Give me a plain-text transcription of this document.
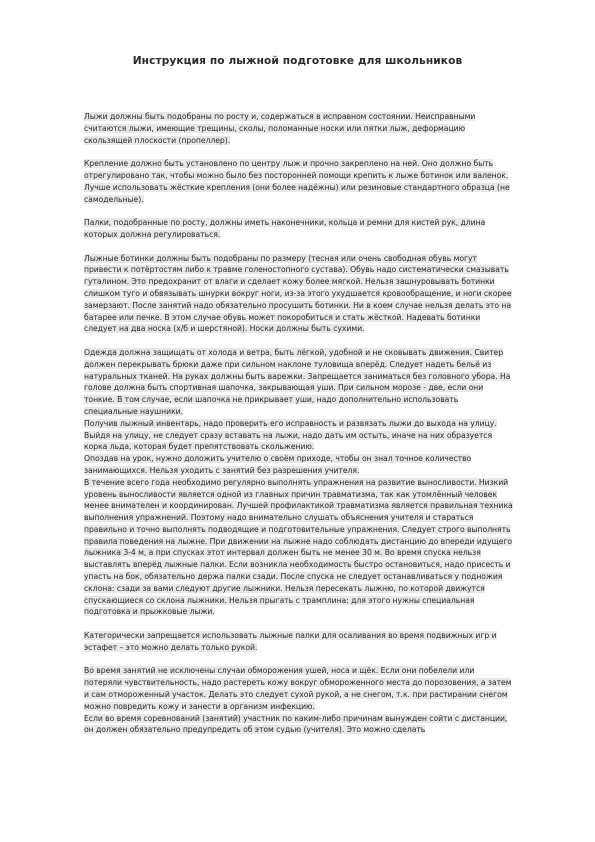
Инструкция по лыжной подготовке для школьников

Лыжи должны быть подобраны по росту и, содержаться в исправном состоянии. Неисправными считаются лыжи, имеющие трещины, сколы, поломанные носки или пятки лыж, деформацию скользящей плоскости (пропеллер).

Крепление должно быть установлено по центру лыж и прочно закреплено на ней. Оно должно быть отрегулировано так, чтобы можно было без посторонней помощи крепить к лыже ботинок или валенок. Лучше использовать жёсткие крепления (они более надёжны) или резиновые стандартного образца (не самодельные).

Палки, подобранные по росту, должны иметь наконечники, кольца и ремни для кистей рук, длина которых должна регулироваться.

Лыжные ботинки должны быть подобраны по размеру (тесная или очень свободная обувь могут привести к потёртостям либо к травме голеностопного сустава). Обувь надо систематически смазывать гуталином. Это предохранит от влаги и сделает кожу более мягкой. Нельзя зашнуровывать ботинки слишком туго и обвязывать шнурки вокруг ноги, из-за этого ухудшается кровообращение, и ноги скорее замерзают. После занятий надо обязательно просушить ботинки. Ни в коем случае нельзя делать это на батарее или печке. В этом случае обувь может покоробиться и стать жёсткой. Надевать ботинки следует на два носка (х/б и шерстяной). Носки должны быть сухими.

Одежда должна защищать от холода и ветра, быть лёгкой, удобной и не сковывать движения. Свитер должен перекрывать брюки даже при сильном наклоне туловища вперёд. Следует надеть бельё из натуральных тканей. На руках должны быть варежки. Запрещается заниматься без головного убора. На голове должна быть спортивная шапочка, закрывающая уши. При сильном морозе - две, если они тонкие. В том случае, если шапочка не прикрывает уши, надо дополнительно использовать специальные наушники.

Получив лыжный инвентарь, надо проверить его исправность и развязать лыжи до выхода на улицу. Выйдя на улицу, не следует сразу вставать на лыжи, надо дать им остыть, иначе на них образуется корка льда, которая будет препятствовать скольжению.

Опоздав на урок, нужно доложить учителю о своём приходе, чтобы он знал точное количество занимающихся. Нельзя уходить с занятий без разрешения учителя.

В течение всего года необходимо регулярно выполнять упражнения на развитие выносливости. Низкий уровень выносливости является одной из главных причин травматизма, так как утомлённый человек менее внимателен и координирован. Лучшей профилактикой травматизма является правильная техника выполнения упражнений. Поэтому надо внимательно слушать объяснения учителя и стараться правильно и точно выполнять подводящие и подготовительные упражнения. Следует строго выполнять правила поведения на лыжне. При движении на лыжне надо соблюдать дистанцию до впереди идущего лыжника 3-4 м, а при спусках этот интервал должен быть не менее 30 м. Во время спуска нельзя выставлять вперёд лыжные палки. Если возникла необходимость быстро остановиться, надо присесть и упасть на бок, обязательно держа палки сзади. После спуска не следует останавливаться у подножия склона: сзади за вами следуют другие лыжники. Нельзя пересекать лыжню, по которой движутся спускающиеся со склона лыжники. Нельзя прыгать с трамплина: для этого нужны специальная подготовка и прыжковые лыжи.

Категорически запрещается использовать лыжные палки для осаливания во время подвижных игр и эстафет – это можно делать только рукой.

Во время занятий не исключены случаи обморожения ушей, носа и щёк. Если они побелели или потеряли чувствительность, надо растереть кожу вокруг обмороженного места до порозовения, а затем и сам отмороженный участок. Делать это следует сухой рукой, а не снегом, т.к. при растирании снегом можно повредить кожу и занести в организм инфекцию.

Если во время соревнований (занятий) участник по каким-либо причинам вынужден сойти с дистанции, он должен обязательно предупредить об этом судью (учителя). Это можно сделать
